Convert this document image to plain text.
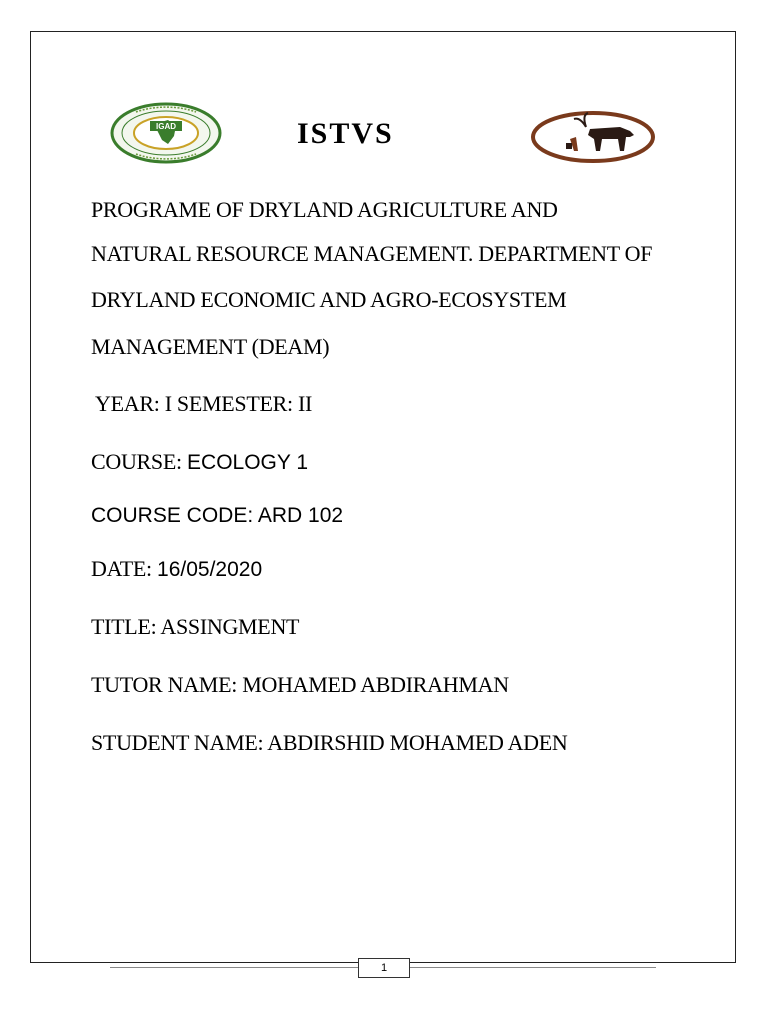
IGAD	ISTVS
PROGRAME OF DRYLAND AGRICULTURE AND
NATURAL RESOURCE MANAGEMENT. DEPARTMENT OF
DRYLAND ECONOMIC AND AGRO-ECOSYSTEM
MANAGEMENT (DEAM)
YEAR: I SEMESTER: II
COURSE: ECOLOGY 1
COURSE CODE: ARD 102
DATE: 16/05/2020
TITLE: ASSINGMENT
TUTOR NAME: MOHAMED ABDIRAHMAN
STUDENT NAME: ABDIRSHID MOHAMED ADEN
1
